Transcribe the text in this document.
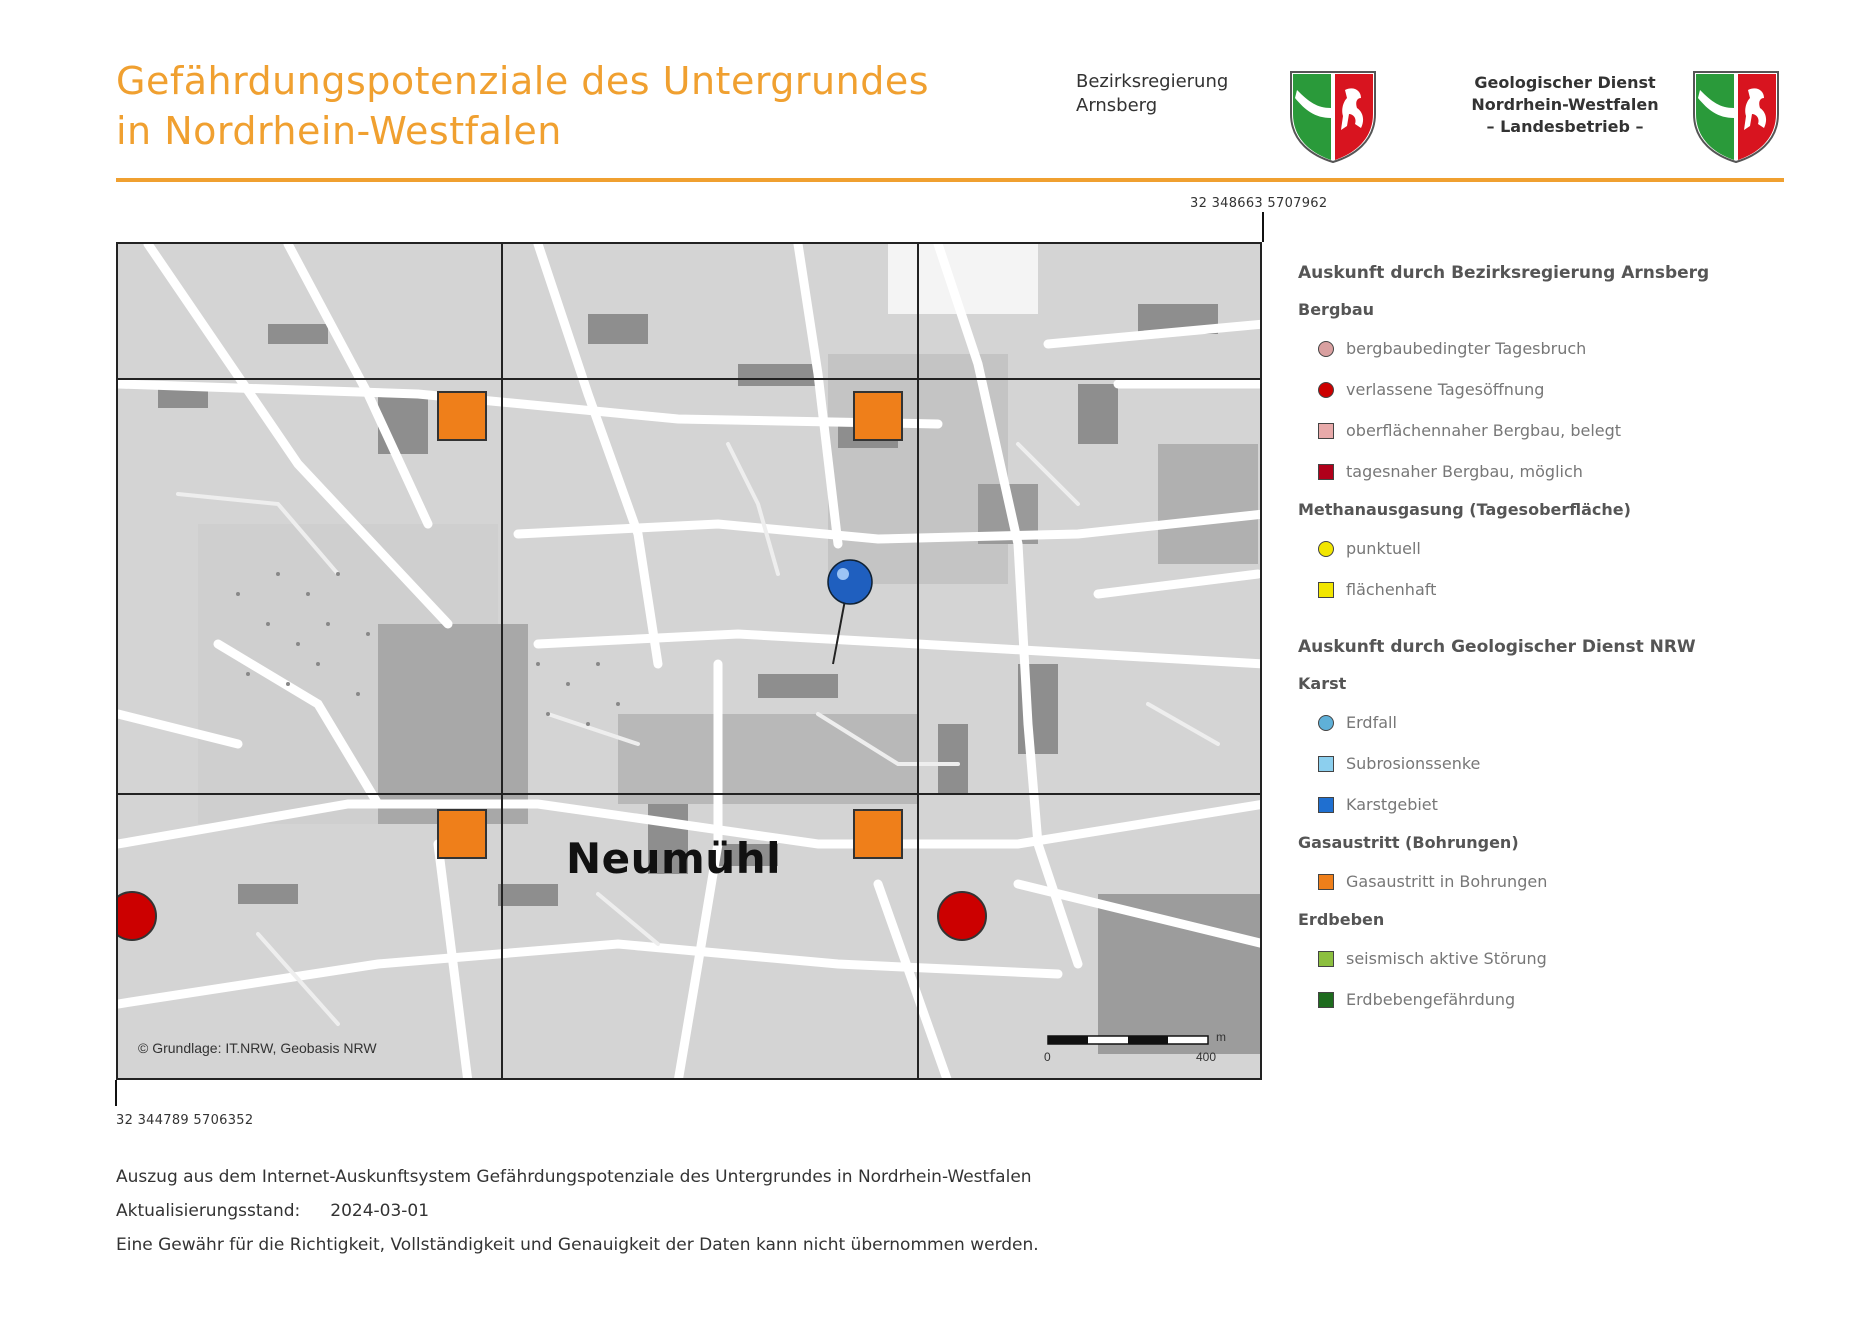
Gefährdungspotenziale des Untergrundes
in Nordrhein-Westfalen
Bezirksregierung
Arnsberg
Geologischer Dienst
Nordrhein-Westfalen
– Landesbetrieb –
32 348663 5707962
Neumühl
© Grundlage: IT.NRW, Geobasis NRW
0	400
m
32 344789 5706352
Auskunft durch Bezirksregierung Arnsberg
Bergbau
bergbaubedingter Tagesbruch
verlassene Tagesöffnung
oberflächennaher Bergbau, belegt
tagesnaher Bergbau, möglich
Methanausgasung (Tagesoberfläche)
punktuell
flächenhaft
Auskunft durch Geologischer Dienst NRW
Karst
Erdfall
Subrosionssenke
Karstgebiet
Gasaustritt (Bohrungen)
Gasaustritt in Bohrungen
Erdbeben
seismisch aktive Störung
Erdbebengefährdung
Auszug aus dem Internet-Auskunftsystem Gefährdungspotenziale des Untergrundes in Nordrhein-Westfalen
Aktualisierungsstand: 2024-03-01
Eine Gewähr für die Richtigkeit, Vollständigkeit und Genauigkeit der Daten kann nicht übernommen werden.
